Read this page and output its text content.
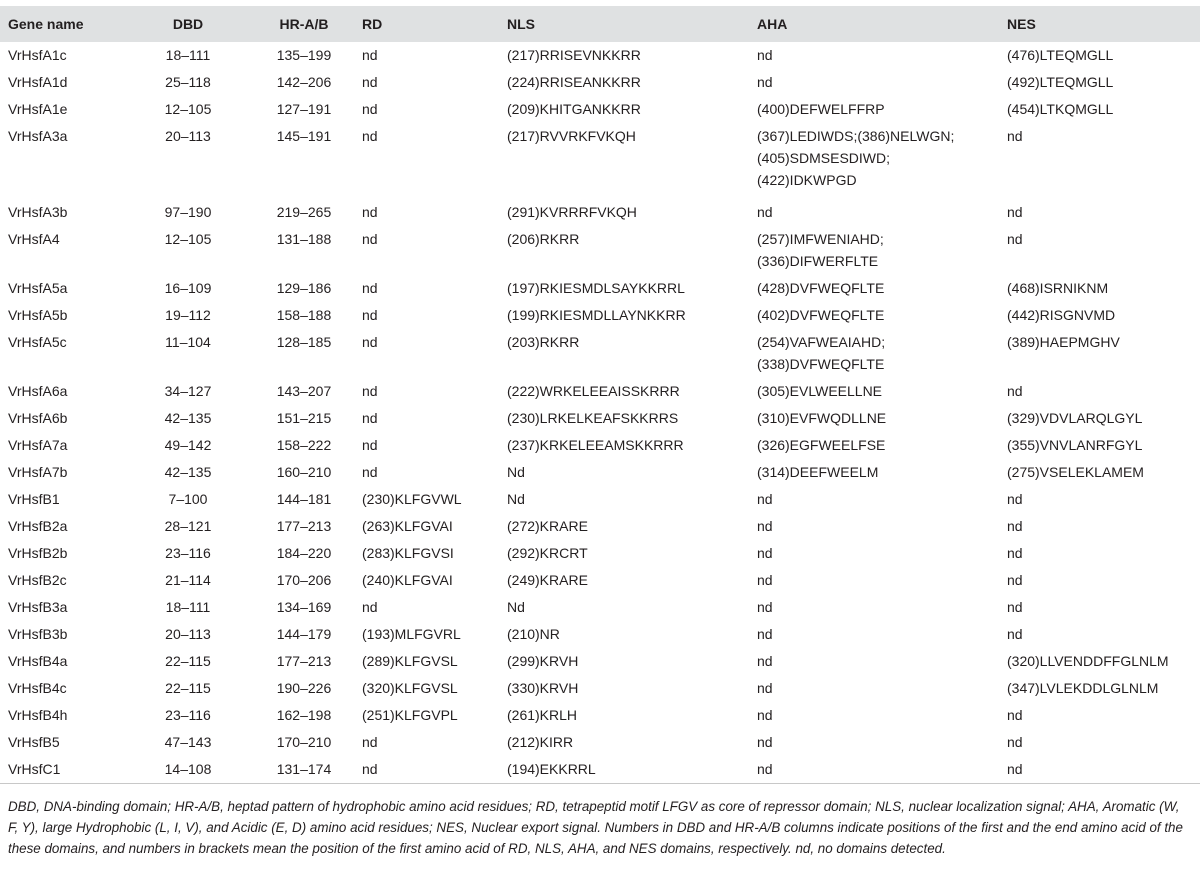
Gene name	DBD	HR-A/B	RD	NLS	AHA	NES
VrHsfA1c	18–111	135–199	nd	(217)RRISEVNKKRR	nd	(476)LTEQMGLL
VrHsfA1d	25–118	142–206	nd	(224)RRISEANKKRR	nd	(492)LTEQMGLL
VrHsfA1e	12–105	127–191	nd	(209)KHITGANKKRR	(400)DEFWELFFRP	(454)LTKQMGLL
VrHsfA3a	20–113	145–191	nd	(217)RVVRKFVKQH	(367)LEDIWDS;(386)NELWGN;
(405)SDMSESDIWD;
(422)IDKWPGD	nd
VrHsfA3b	97–190	219–265	nd	(291)KVRRRFVKQH	nd	nd
VrHsfA4	12–105	131–188	nd	(206)RKRR	(257)IMFWENIAHD;
(336)DIFWERFLTE	nd
VrHsfA5a	16–109	129–186	nd	(197)RKIESMDLSAYKKRRL	(428)DVFWEQFLTE	(468)ISRNIKNM
VrHsfA5b	19–112	158–188	nd	(199)RKIESMDLLAYNKKRR	(402)DVFWEQFLTE	(442)RISGNVMD
VrHsfA5c	11–104	128–185	nd	(203)RKRR	(254)VAFWEAIAHD;
(338)DVFWEQFLTE	(389)HAEPMGHV
VrHsfA6a	34–127	143–207	nd	(222)WRKELEEAISSKRRR	(305)EVLWEELLNE	nd
VrHsfA6b	42–135	151–215	nd	(230)LRKELKEAFSKKRRS	(310)EVFWQDLLNE	(329)VDVLARQLGYL
VrHsfA7a	49–142	158–222	nd	(237)KRKELEEAMSKKRRR	(326)EGFWEELFSE	(355)VNVLANRFGYL
VrHsfA7b	42–135	160–210	nd	Nd	(314)DEEFWEELM	(275)VSELEKLAMEM
VrHsfB1	7–100	144–181	(230)KLFGVWL	Nd	nd	nd
VrHsfB2a	28–121	177–213	(263)KLFGVAI	(272)KRARE	nd	nd
VrHsfB2b	23–116	184–220	(283)KLFGVSI	(292)KRCRT	nd	nd
VrHsfB2c	21–114	170–206	(240)KLFGVAI	(249)KRARE	nd	nd
VrHsfB3a	18–111	134–169	nd	Nd	nd	nd
VrHsfB3b	20–113	144–179	(193)MLFGVRL	(210)NR	nd	nd
VrHsfB4a	22–115	177–213	(289)KLFGVSL	(299)KRVH	nd	(320)LLVENDDFFGLNLM
VrHsfB4c	22–115	190–226	(320)KLFGVSL	(330)KRVH	nd	(347)LVLEKDDLGLNLM
VrHsfB4h	23–116	162–198	(251)KLFGVPL	(261)KRLH	nd	nd
VrHsfB5	47–143	170–210	nd	(212)KIRR	nd	nd
VrHsfC1	14–108	131–174	nd	(194)EKKRRL	nd	nd
DBD, DNA-binding domain; HR-A/B, heptad pattern of hydrophobic amino acid residues; RD, tetrapeptid motif LFGV as core of repressor domain; NLS, nuclear localization signal; AHA, Aromatic (W, F, Y), large Hydrophobic (L, I, V), and Acidic (E, D) amino acid residues; NES, Nuclear export signal. Numbers in DBD and HR-A/B columns indicate positions of the first and the end amino acid of the these domains, and numbers in brackets mean the position of the first amino acid of RD, NLS, AHA, and NES domains, respectively. nd, no domains detected.
